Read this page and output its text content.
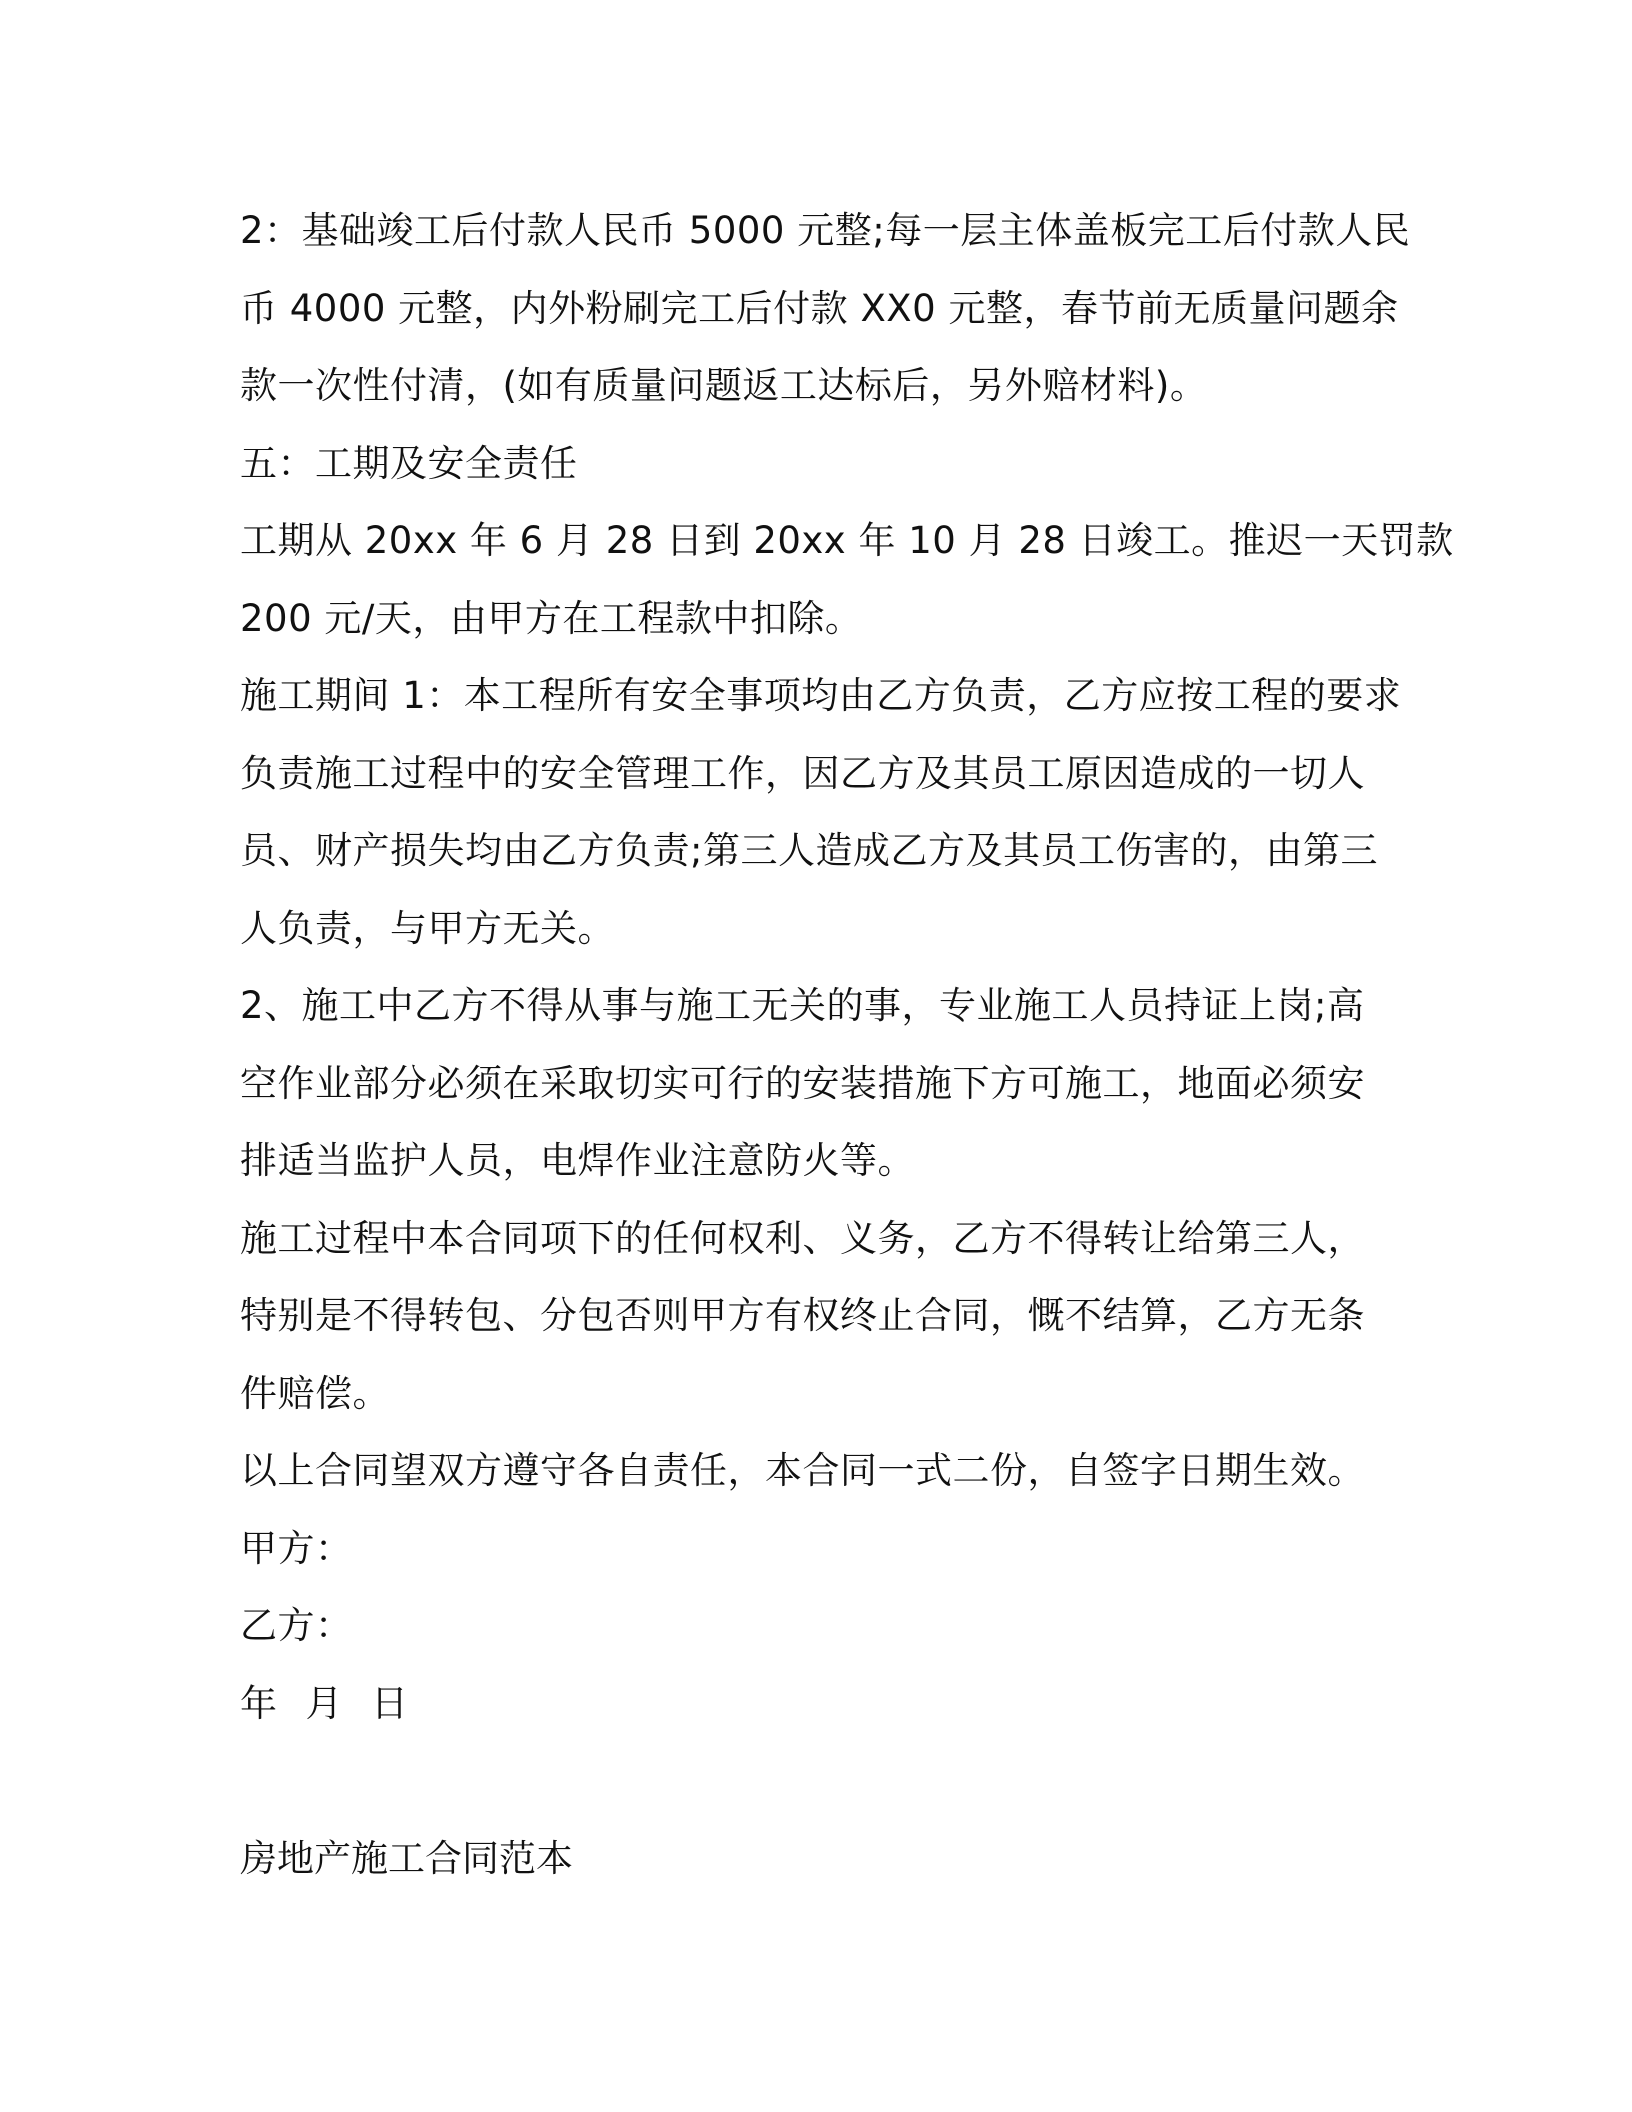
2：基础竣工后付款人民币 5000 元整;每一层主体盖板完工后付款人民
币 4000 元整，内外粉刷完工后付款 XX0 元整，春节前无质量问题余
款一次性付清，(如有质量问题返工达标后，另外赔材料)。
五：工期及安全责任
工期从 20xx 年 6 月 28 日到 20xx 年 10 月 28 日竣工。推迟一天罚款
200 元/天，由甲方在工程款中扣除。
施工期间 1：本工程所有安全事项均由乙方负责，乙方应按工程的要求
负责施工过程中的安全管理工作，因乙方及其员工原因造成的一切人
员、财产损失均由乙方负责;第三人造成乙方及其员工伤害的，由第三
人负责，与甲方无关。
2、施工中乙方不得从事与施工无关的事，专业施工人员持证上岗;高
空作业部分必须在采取切实可行的安装措施下方可施工，地面必须安
排适当监护人员，电焊作业注意防火等。
施工过程中本合同项下的任何权利、义务，乙方不得转让给第三人，
特别是不得转包、分包否则甲方有权终止合同，慨不结算，乙方无条
件赔偿。
以上合同望双方遵守各自责任，本合同一式二份，自签字日期生效。
甲方：
乙方：
年 月 日
房地产施工合同范本
